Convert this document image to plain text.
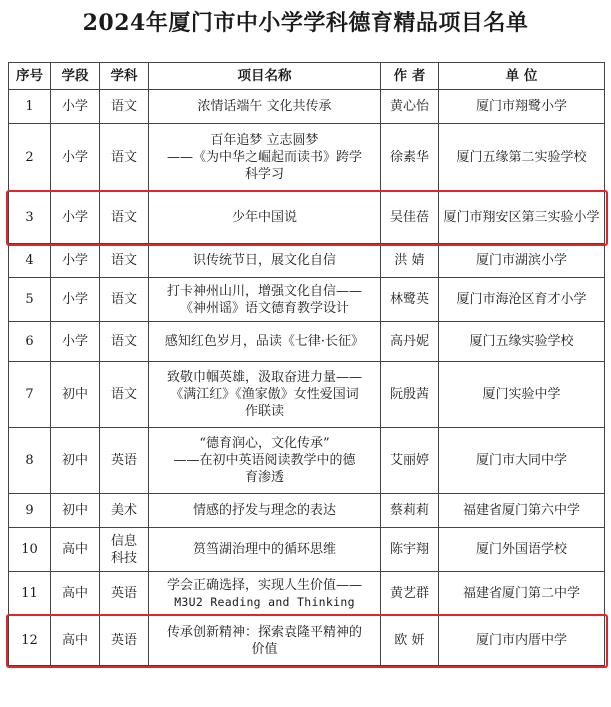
2024年厦门市中小学学科德育精品项目名单
序号	学段	学科	项目名称	作 者	单 位
1	小学	语文	浓情话端午 文化共传承	黄心怡	厦门市翔鹭小学
2	小学	语文	百年追梦 立志圆梦
——《为中华之崛起而读书》跨学
科学习	徐素华	厦门五缘第二实验学校
3	小学	语文	少年中国说	吴佳蓓	厦门市翔安区第三实验小学
4	小学	语文	识传统节日，展文化自信	洪 婧	厦门市湖滨小学
5	小学	语文	打卡神州山川，增强文化自信——
《神州谣》语文德育教学设计	林鹭英	厦门市海沧区育才小学
6	小学	语文	感知红色岁月，品读《七律·长征》	高丹妮	厦门五缘实验学校
7	初中	语文	致敬巾帼英雄，汲取奋进力量——
《满江红》《渔家傲》女性爱国词
作联读	阮殷茜	厦门实验中学
8	初中	英语	“德育润心，文化传承”
——在初中英语阅读教学中的德
育渗透	艾丽婷	厦门市大同中学
9	初中	美术	情感的抒发与理念的表达	蔡莉莉	福建省厦门第六中学
10	高中	信息
科技	筼筜湖治理中的循环思维	陈宇翔	厦门外国语学校
11	高中	英语	学会正确选择，实现人生价值——
M3U2 Reading and Thinking	黄艺群	福建省厦门第二中学
12	高中	英语	传承创新精神：探索袁隆平精神的
价值	欧 妍	厦门市内厝中学
